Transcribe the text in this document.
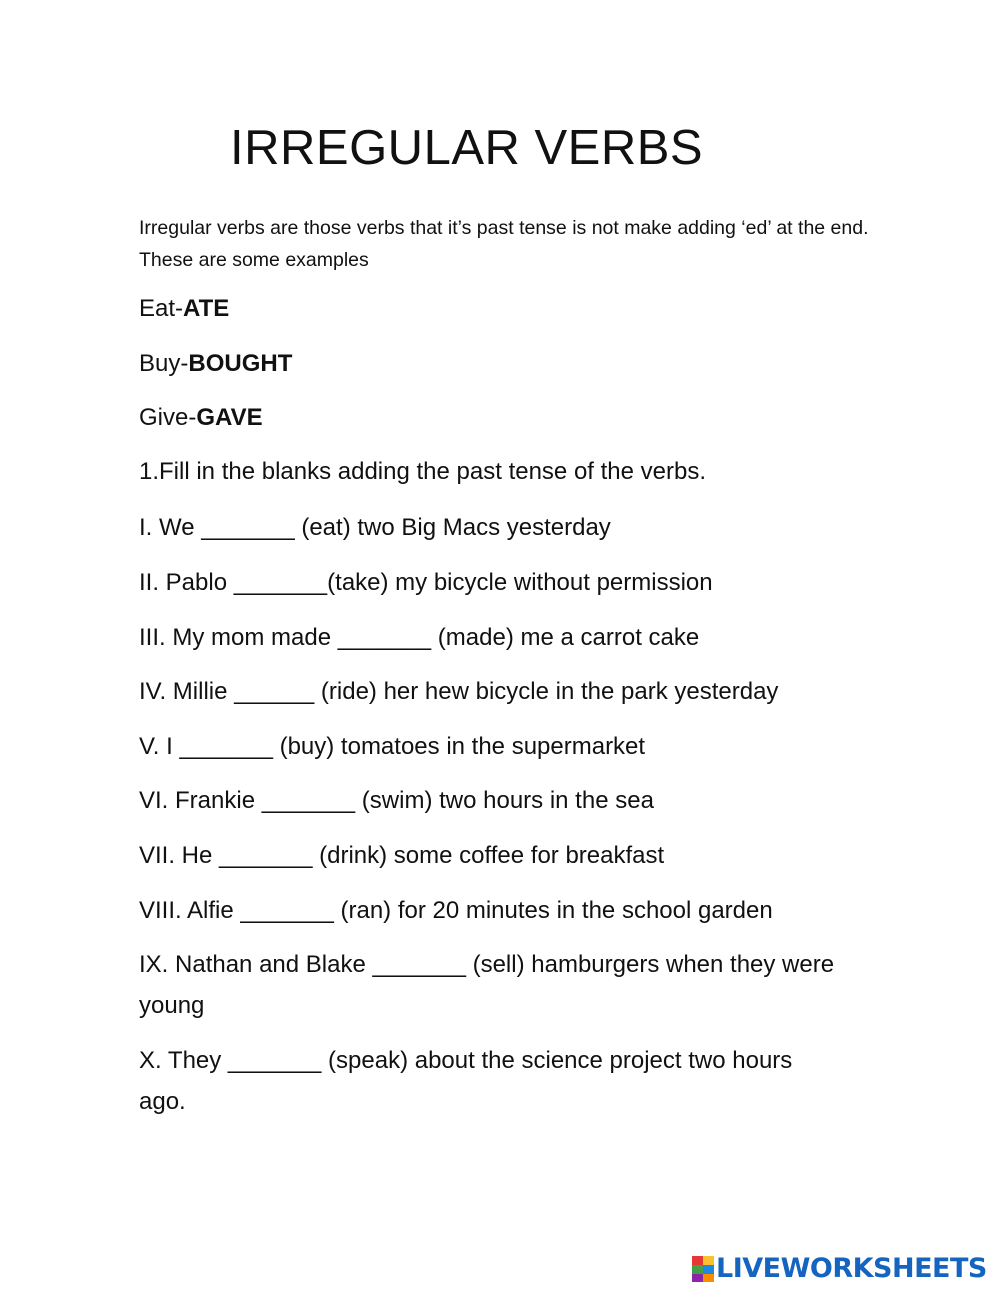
IRREGULAR VERBS

Irregular verbs are those verbs that it’s past tense is not make adding ‘ed’ at the end. These are some examples

Eat-ATE

Buy-BOUGHT

Give-GAVE

1.Fill in the blanks adding the past tense of the verbs.

I. We _______ (eat) two Big Macs yesterday

II. Pablo _______(take) my bicycle without permission

III. My mom made _______ (made) me a carrot cake

IV. Millie ______ (ride) her hew bicycle in the park yesterday

V. I _______ (buy) tomatoes in the supermarket

VI. Frankie _______ (swim) two hours in the sea

VII. He _______ (drink) some coffee for breakfast

VIII. Alfie _______ (ran) for 20 minutes in the school garden

IX. Nathan and Blake _______ (sell) hamburgers when they were young

X. They _______ (speak) about the science project two hours ago.

LIVEWORKSHEETS
